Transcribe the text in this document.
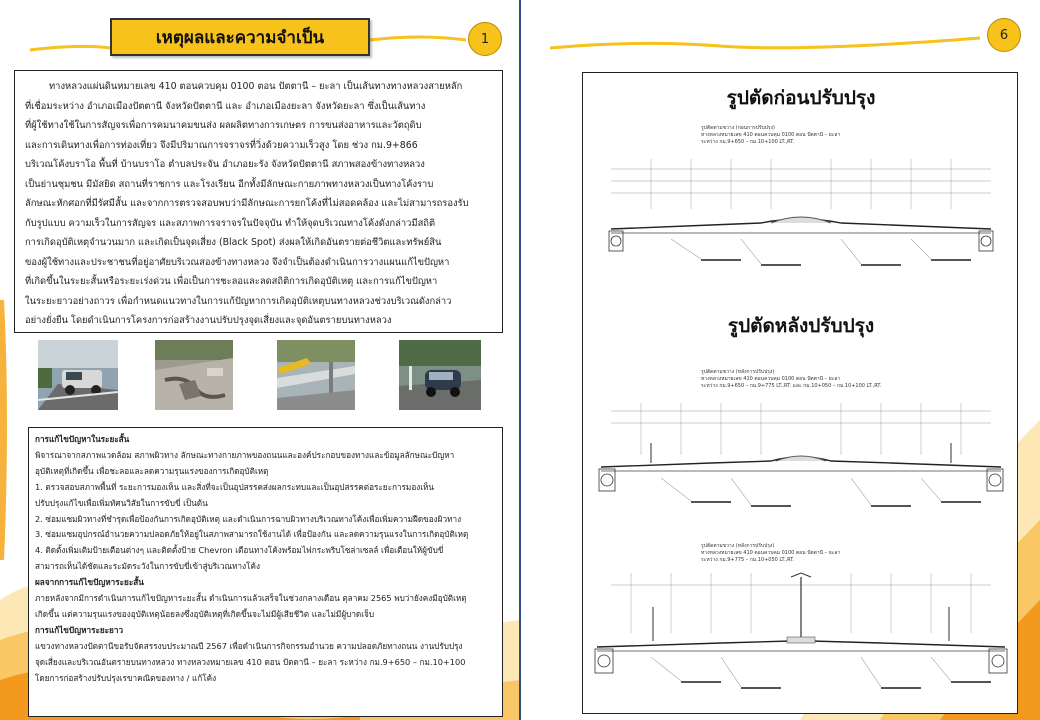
เหตุผลและความจำเป็น	1
ทางหลวงแผ่นดินหมายเลข 410 ตอนควบคุม 0100 ตอน ปัตตานี – ยะลา เป็นเส้นทางทางหลวงสายหลัก
ที่เชื่อมระหว่าง อำเภอเมืองปัตตานี จังหวัดปัตตานี และ อำเภอเมืองยะลา จังหวัดยะลา ซึ่งเป็นเส้นทาง
ที่ผู้ใช้ทางใช้ในการสัญจรเพื่อการคมนาคมขนส่ง ผลผลิตทางการเกษตร การขนส่งอาหารและวัตถุดิบ
และการเดินทางเพื่อการท่องเที่ยว จึงมีปริมาณการจราจรที่วิ่งด้วยความเร็วสูง โดย ช่วง กม.9+866
บริเวณโค้งบราโอ พื้นที่ บ้านบราโอ ตำบลประจัน อำเภอยะรัง จังหวัดปัตตานี สภาพสองข้างทางหลวง
เป็นย่านชุมชน มีมัสยิด สถานที่ราชการ และโรงเรียน อีกทั้งมีลักษณะกายภาพทางหลวงเป็นทางโค้งราบ
ลักษณะหักศอกที่มีรัศมีสั้น และจากการตรวจสอบพบว่ามีลักษณะการยกโค้งที่ไม่สอดคล้อง และไม่สามารถรองรับ
กับรูปแบบ ความเร็วในการสัญจร และสภาพการจราจรในปัจจุบัน ทำให้จุดบริเวณทางโค้งดังกล่าวมีสถิติ
การเกิดอุบัติเหตุจำนวนมาก และเกิดเป็นจุดเสี่ยง (Black Spot) ส่งผลให้เกิดอันตรายต่อชีวิตและทรัพย์สิน
ของผู้ใช้ทางและประชาชนที่อยู่อาศัยบริเวณสองข้างทางหลวง จึงจำเป็นต้องดำเนินการวางแผนแก้ไขปัญหา
ที่เกิดขึ้นในระยะสั้นหรือระยะเร่งด่วน เพื่อเป็นการชะลอและลดสถิติการเกิดอุบัติเหตุ และการแก้ไขปัญหา
ในระยะยาวอย่างถาวร เพื่อกำหนดแนวทางในการแก้ปัญหาการเกิดอุบัติเหตุบนทางหลวงช่วงบริเวณดังกล่าว
อย่างยั่งยืน โดยดำเนินการโครงการก่อสร้างงานปรับปรุงจุดเสี่ยงและจุดอันตรายบนทางหลวง
การแก้ไขปัญหาในระยะสั้น
พิจารณาจากสภาพแวดล้อม สภาพผิวทาง ลักษณะทางกายภาพของถนนและองค์ประกอบของทางและข้อมูลลักษณะปัญหา
อุบัติเหตุที่เกิดขึ้น เพื่อชะลอและลดความรุนแรงของการเกิดอุบัติเหตุ
1. ตรวจสอบสภาพพื้นที่ ระยะการมองเห็น และสิ่งที่จะเป็นอุปสรรคส่งผลกระทบและเป็นอุปสรรคต่อระยะการมองเห็น
ปรับปรุงแก้ไขเพื่อเพิ่มทัศนวิสัยในการขับขี่ เป็นต้น
2. ซ่อมแซมผิวทางที่ชำรุดเพื่อป้องกันการเกิดอุบัติเหตุ และดำเนินการฉาบผิวทางบริเวณทางโค้งเพื่อเพิ่มความฝืดของผิวทาง
3. ซ่อมแซมอุปกรณ์อำนวยความปลอดภัยให้อยู่ในสภาพสามารถใช้งานได้ เพื่อป้องกัน และลดความรุนแรงในการเกิดอุบัติเหตุ
4. ติดตั้งเพิ่มเติมป้ายเตือนต่างๆ และติดตั้งป้าย Chevron เตือนทางโค้งพร้อมไฟกระพริบโซล่าเซลล์ เพื่อเตือนให้ผู้ขับขี่
สามารถเห็นได้ชัดและระมัดระวังในการขับขี่เข้าสู่บริเวณทางโค้ง
ผลจากการแก้ไขปัญหาระยะสั้น
ภายหลังจากมีการดำเนินการแก้ไขปัญหาระยะสั้น ดำเนินการแล้วเสร็จในช่วงกลางเดือน ตุลาคม 2565 พบว่ายังคงมีอุบัติเหตุ
เกิดขึ้น แต่ความรุนแรงของอุบัติเหตุน้อยลงซึ่งอุบัติเหตุที่เกิดขึ้นจะไม่มีผู้เสียชีวิต และไม่มีผู้บาดเจ็บ
การแก้ไขปัญหาระยะยาว
แขวงทางหลวงปัตตานีขอรับจัดสรรงบประมาณปี 2567 เพื่อดำเนินการกิจกรรมอำนวย ความปลอดภัยทางถนน งานปรับปรุง
จุดเสี่ยงและบริเวณอันตรายบนทางหลวง ทางหลวงหมายเลข 410 ตอน ปัตตานี – ยะลา ระหว่าง กม.9+650 – กม.10+100
โดยการก่อสร้างปรับปรุงเรขาคณิตของทาง / แก้โค้ง
6
รูปตัดก่อนปรับปรุง
รูปตัดตามขวาง (ก่อนการปรับปรุง)
ทางหลวงหมายเลข 410 ตอนควบคุม 0100 ตอน ปัตตานี – ยะลา
ระหว่าง กม.9+650 – กม.10+100 LT.,RT.
รูปตัดหลังปรับปรุง
รูปตัดตามขวาง (หลังการปรับปรุง)
ทางหลวงหมายเลข 410 ตอนควบคุม 0100 ตอน ปัตตานี – ยะลา
ระหว่าง กม.9+650 – กม.9+775 LT.,RT. และ กม.10+050 – กม.10+100 LT.,RT.
รูปตัดตามขวาง (หลังการปรับปรุง)
ทางหลวงหมายเลข 410 ตอนควบคุม 0100 ตอน ปัตตานี – ยะลา
ระหว่าง กม.9+775 – กม.10+050 LT.,RT.
